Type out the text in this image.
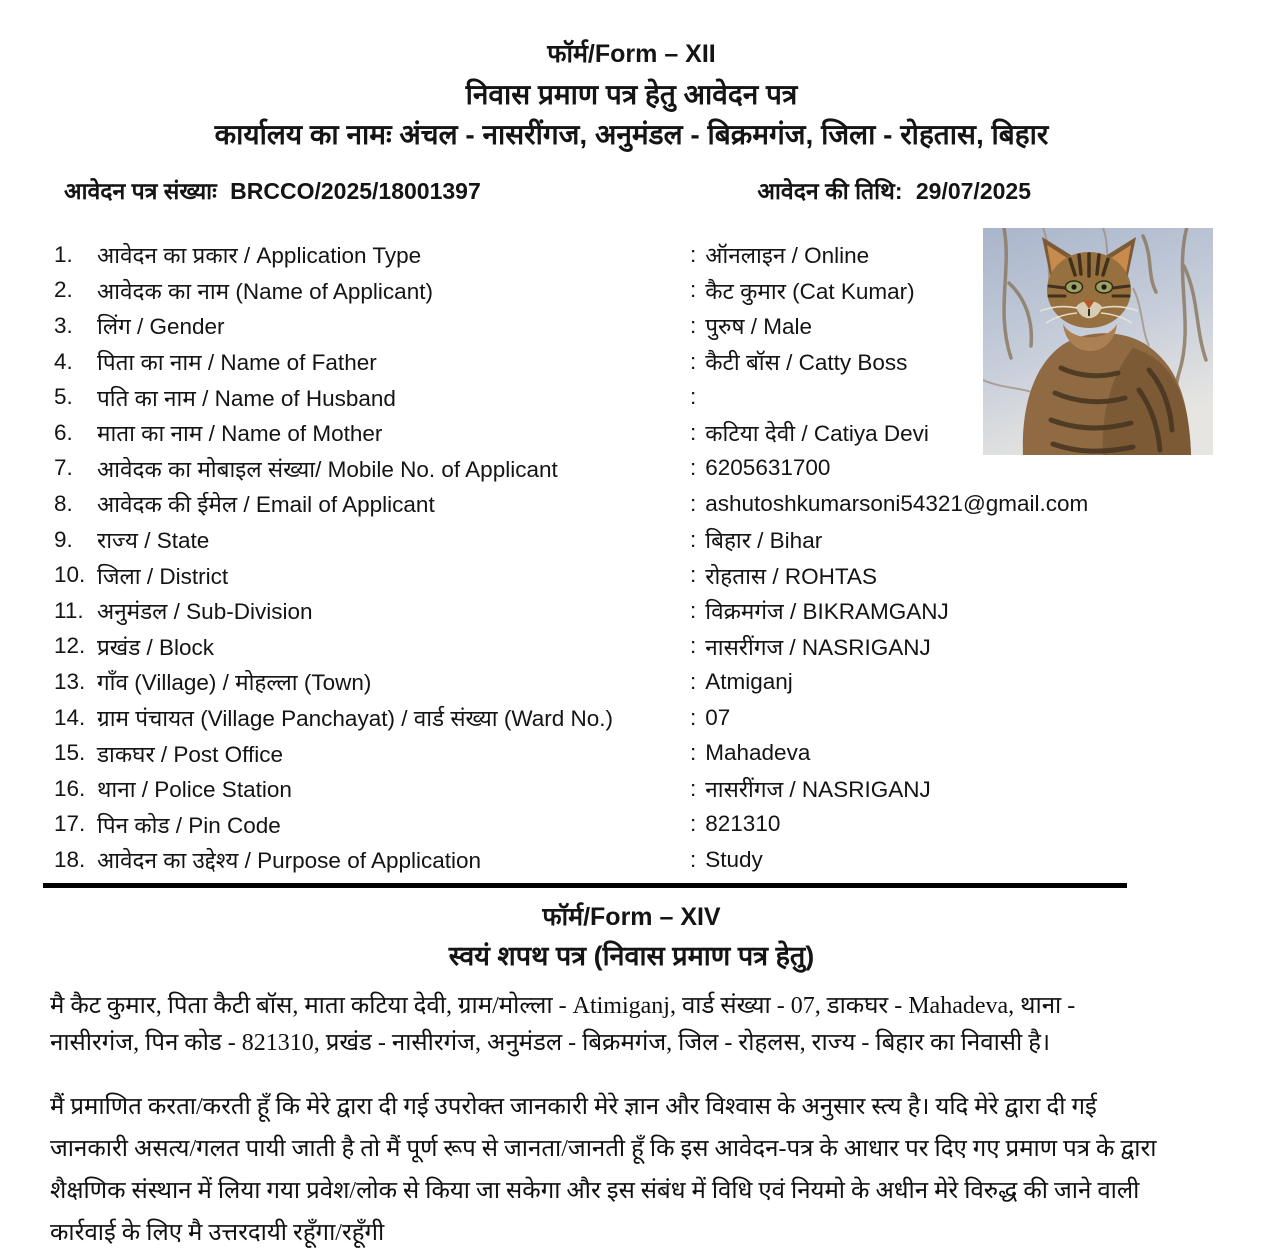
फॉर्म/Form – XII
निवास प्रमाण पत्र हेतु आवेदन पत्र
कार्यालय का नामः अंचल - नासरींगज, अनुमंडल - बिक्रमगंज, जिला - रोहतास, बिहार
आवेदन पत्र संख्याः BRCCO/2025/18001397	आवेदन की तिथि: 29/07/2025
1.	आवेदन का प्रकार / Application Type	: ऑनलाइन / Online
2.	आवेदक का नाम (Name of Applicant)	: कैट कुमार (Cat Kumar)
3.	लिंग / Gender	: पुरुष / Male
4.	पिता का नाम / Name of Father	: कैटी बॉस / Catty Boss
5.	पति का नाम / Name of Husband	:
6.	माता का नाम / Name of Mother	: कटिया देवी / Catiya Devi
7.	आवेदक का मोबाइल संख्या/ Mobile No. of Applicant	: 6205631700
8.	आवेदक की ईमेल / Email of Applicant	: ashutoshkumarsoni54321@gmail.com
9.	राज्य / State	: बिहार / Bihar
10. जिला / District	: रोहतास / ROHTAS
11. अनुमंडल / Sub-Division	: विक्रमगंज / BIKRAMGANJ
12. प्रखंड / Block	: नासरींगज / NASRIGANJ
13. गाँव (Village) / मोहल्ला (Town)	: Atmiganj
14. ग्राम पंचायत (Village Panchayat) / वार्ड संख्या (Ward No.)	: 07
15. डाकघर / Post Office	: Mahadeva
16. थाना / Police Station	: नासरींगज / NASRIGANJ
17. पिन कोड / Pin Code	: 821310
18. आवेदन का उद्देश्य / Purpose of Application	: Study
फॉर्म/Form – XIV
स्वयं शपथ पत्र (निवास प्रमाण पत्र हेतु)

मै कैट कुमार, पिता कैटी बॉस, माता कटिया देवी, ग्राम/मोल्ला - Atimiganj, वार्ड संख्या - 07, डाकघर - Mahadeva, थाना - नासीरगंज, पिन कोड - 821310, प्रखंड - नासीरगंज, अनुमंडल - बिक्रमगंज, जिल - रोहलस, राज्य - बिहार का निवासी है।

मैं प्रमाणित करता/करती हूँ कि मेरे द्वारा दी गई उपरोक्त जानकारी मेरे ज्ञान और विश्वास के अनुसार स्त्य है। यदि मेरे द्वारा दी गई जानकारी असत्य/गलत पायी जाती है तो मैं पूर्ण रूप से जानता/जानती हूँ कि इस आवेदन-पत्र के आधार पर दिए गए प्रमाण पत्र के द्वारा शैक्षणिक संस्थान में लिया गया प्रवेश/लोक से किया जा सकेगा और इस संबंध में विधि एवं नियमो के अधीन मेरे विरुद्ध की जाने वाली कार्रवाई के लिए मै उत्तरदायी रहूँगा/रहूँगी
